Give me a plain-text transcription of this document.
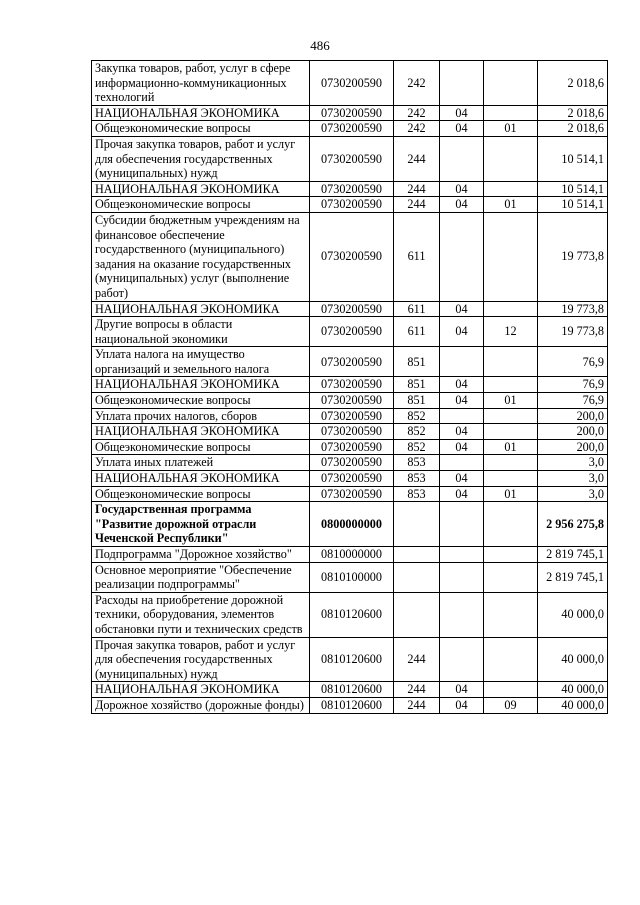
486
Закупка товаров, работ, услуг в сфере информационно-коммуникационных технологий	0730200590	242			2 018,6
НАЦИОНАЛЬНАЯ ЭКОНОМИКА	0730200590	242	04		2 018,6
Общеэкономические вопросы	0730200590	242	04	01	2 018,6
Прочая закупка товаров, работ и услуг для обеспечения государственных (муниципальных) нужд	0730200590	244			10 514,1
НАЦИОНАЛЬНАЯ ЭКОНОМИКА	0730200590	244	04		10 514,1
Общеэкономические вопросы	0730200590	244	04	01	10 514,1
Субсидии бюджетным учреждениям на финансовое обеспечение государственного (муниципального) задания на оказание государственных (муниципальных) услуг (выполнение работ)	0730200590	611			19 773,8
НАЦИОНАЛЬНАЯ ЭКОНОМИКА	0730200590	611	04		19 773,8
Другие вопросы в области национальной экономики	0730200590	611	04	12	19 773,8
Уплата налога на имущество организаций и земельного налога	0730200590	851			76,9
НАЦИОНАЛЬНАЯ ЭКОНОМИКА	0730200590	851	04		76,9
Общеэкономические вопросы	0730200590	851	04	01	76,9
Уплата прочих налогов, сборов	0730200590	852			200,0
НАЦИОНАЛЬНАЯ ЭКОНОМИКА	0730200590	852	04		200,0
Общеэкономические вопросы	0730200590	852	04	01	200,0
Уплата иных платежей	0730200590	853			3,0
НАЦИОНАЛЬНАЯ ЭКОНОМИКА	0730200590	853	04		3,0
Общеэкономические вопросы	0730200590	853	04	01	3,0
Государственная программа "Развитие дорожной отрасли Чеченской Республики"	0800000000				2 956 275,8
Подпрограмма "Дорожное хозяйство"	0810000000				2 819 745,1
Основное мероприятие "Обеспечение реализации подпрограммы"	0810100000				2 819 745,1
Расходы на приобретение дорожной техники, оборудования, элементов обстановки пути и технических средств	0810120600				40 000,0
Прочая закупка товаров, работ и услуг для обеспечения государственных (муниципальных) нужд	0810120600	244			40 000,0
НАЦИОНАЛЬНАЯ ЭКОНОМИКА	0810120600	244	04		40 000,0
Дорожное хозяйство (дорожные фонды)	0810120600	244	04	09	40 000,0
